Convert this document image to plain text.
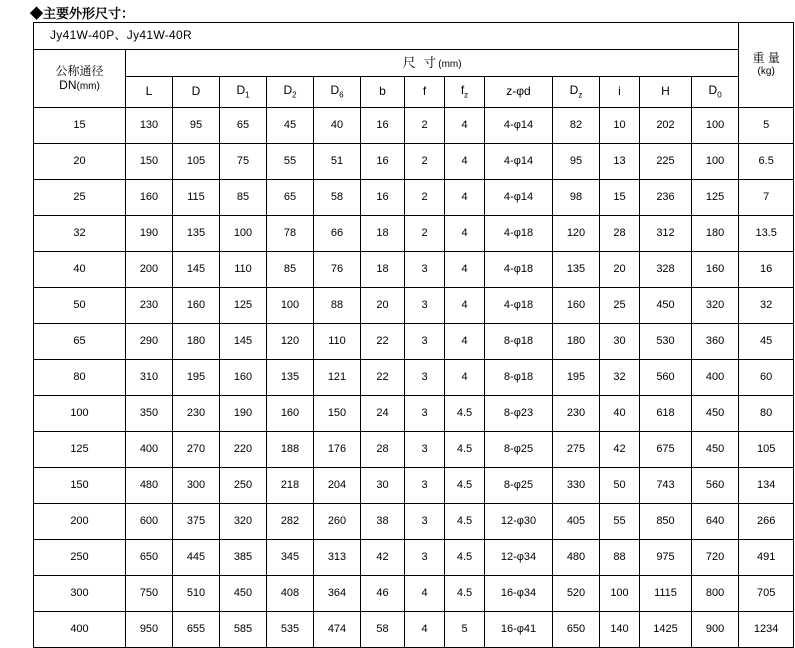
◆主要外形尺寸：
Jy41W-40P、Jy41W-40R														重 量
(kg)

公称通径
DN(mm)	尺 寸(mm)													
	L	D	$D_1$	$D_2$	$D_6$	b	f	$f_z$	z-φd	$D_z$	i	H	$D_0$
15	130	95	65	45	40	16	2	4	4-φ14	82	10	202	100	5
20	150	105	75	55	51	16	2	4	4-φ14	95	13	225	100	6.5
25	160	115	85	65	58	16	2	4	4-φ14	98	15	236	125	7
32	190	135	100	78	66	18	2	4	4-φ18	120	28	312	180	13.5
40	200	145	110	85	76	18	3	4	4-φ18	135	20	328	160	16
50	230	160	125	100	88	20	3	4	4-φ18	160	25	450	320	32
65	290	180	145	120	110	22	3	4	8-φ18	180	30	530	360	45
80	310	195	160	135	121	22	3	4	8-φ18	195	32	560	400	60
100	350	230	190	160	150	24	3	4.5	8-φ23	230	40	618	450	80
125	400	270	220	188	176	28	3	4.5	8-φ25	275	42	675	450	105
150	480	300	250	218	204	30	3	4.5	8-φ25	330	50	743	560	134
200	600	375	320	282	260	38	3	4.5	12-φ30	405	55	850	640	266
250	650	445	385	345	313	42	3	4.5	12-φ34	480	88	975	720	491
300	750	510	450	408	364	46	4	4.5	16-φ34	520	100	1115	800	705
400	950	655	585	535	474	58	4	5	16-φ41	650	140	1425	900	1234
